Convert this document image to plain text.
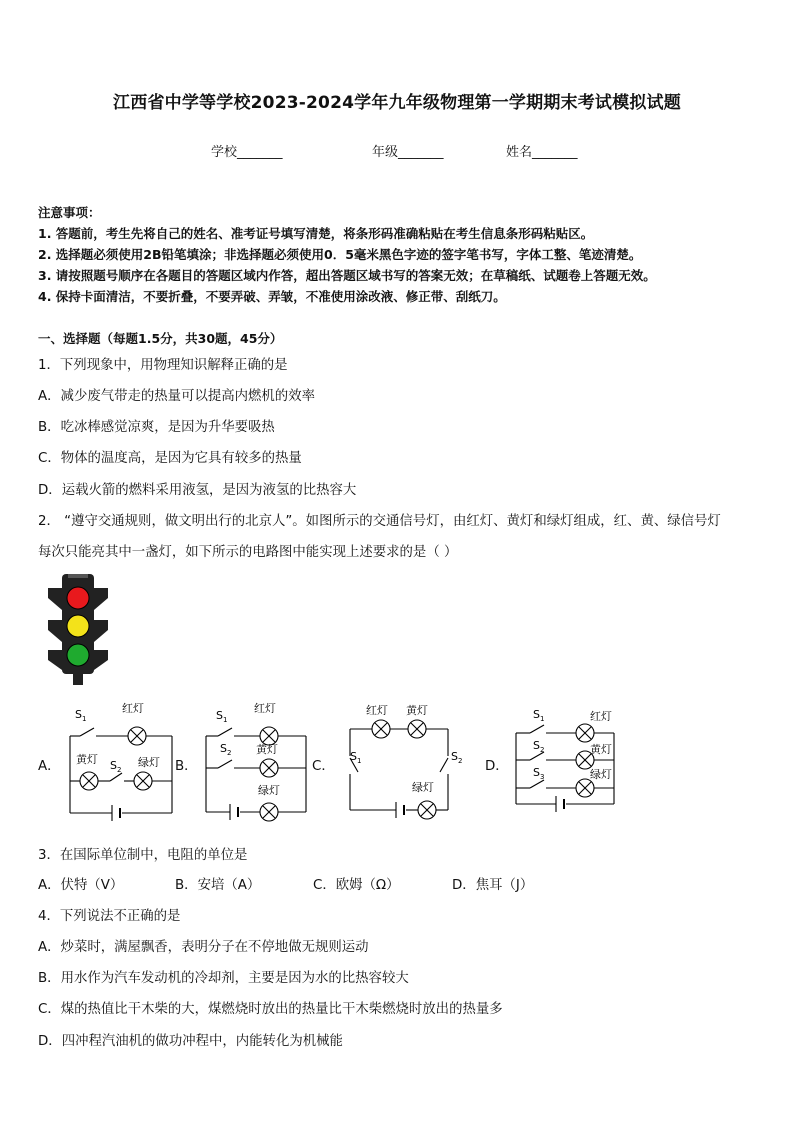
江西省中学等学校2023-2024学年九年级物理第一学期期末考试模拟试题
学校_______	年级_______	姓名_______
注意事项：
1. 答题前，考生先将自己的姓名、准考证号填写清楚，将条形码准确粘贴在考生信息条形码粘贴区。
2. 选择题必须使用2B铅笔填涂；非选择题必须使用0．5毫米黑色字迹的签字笔书写，字体工整、笔迹清楚。
3. 请按照题号顺序在各题目的答题区域内作答，超出答题区域书写的答案无效；在草稿纸、试题卷上答题无效。
4. 保持卡面清洁，不要折叠，不要弄破、弄皱，不准使用涂改液、修正带、刮纸刀。
一、选择题（每题1.5分，共30题，45分）
1．下列现象中，用物理知识解释正确的是
A．减少废气带走的热量可以提高内燃机的效率
B．吃冰棒感觉凉爽，是因为升华要吸热
C．物体的温度高，是因为它具有较多的热量
D．运载火箭的燃料采用液氢，是因为液氢的比热容大
2． “遵守交通规则，做文明出行的北京人”。如图所示的交通信号灯，由红灯、黄灯和绿灯组成，红、黄、绿信号灯
每次只能亮其中一盏灯，如下所示的电路图中能实现上述要求的是（ ）
A．
S 1
红灯
黄灯 S 2
绿灯 B．
S 1
红灯
S 2 黄灯
绿灯
C．
红灯 黄灯
S 1	S 2
绿灯
D．
S 1	红灯
S 2	黄灯
S 3	绿灯
3．在国际单位制中，电阻的单位是
A．伏特（V）	B．安培（A）	C．欧姆（Ω）	D．焦耳（J）
4．下列说法不正确的是
A．炒菜时，满屋飘香，表明分子在不停地做无规则运动
B．用水作为汽车发动机的冷却剂，主要是因为水的比热容较大
C．煤的热值比干木柴的大，煤燃烧时放出的热量比干木柴燃烧时放出的热量多
D．四冲程汽油机的做功冲程中，内能转化为机械能
